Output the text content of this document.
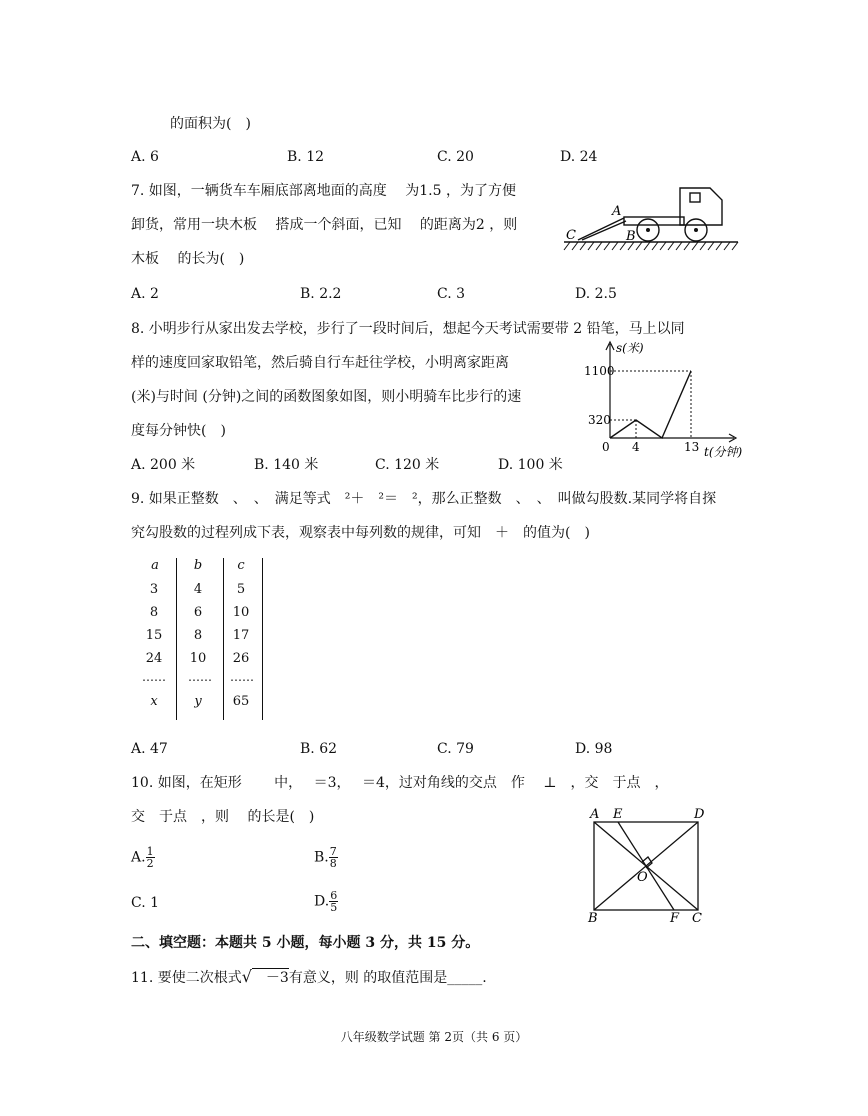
的面积为(　)
A. 6	B. 12	C. 20	D. 24
7. 如图，一辆货车车厢底部离地面的高度　 为1.5 ，为了方便
卸货，常用一块木板　 搭成一个斜面，已知　 的距离为2 ，则
木板　 的长为(　)
A. 2	B. 2.2	C. 3	D. 2.5
A
B
C
8. 小明步行从家出发去学校，步行了一段时间后，想起今天考试需要带 2 铅笔，马上以同
样的速度回家取铅笔，然后骑自行车赶往学校，小明离家距离
(米)与时间 (分钟)之间的函数图象如图，则小明骑车比步行的速
度每分钟快(　)
A. 200 米	B. 140 米	C. 120 米	D. 100 米
s(米)
t(分钟)
1100
320
0 4	13
9. 如果正整数　、　、　满足等式　²＋　²＝　²，那么正整数　、　、　叫做勾股数.某同学将自探
究勾股数的过程列成下表，观察表中每列数的规律，可知　＋　的值为(　)
a	b	c
3	4	5
8	6	10
15	8	17
24	10	26
……	……	……
x	y	65
A. 47	B. 62	C. 79	D. 98
10. 如图，在矩形　　 中，　 ＝3，　 ＝4，过对角线的交点　作　 ⊥　，交　于点　，
交　于点　，则　 的长是(　)
A. $\frac{1}{2}$	B. $\frac{7}{8}$
C. 1	D. $\frac{6}{5}$
A E	D
O
B	F C
二、填空题：本题共 5 小题，每小题 3 分，共 15 分。
11. 要使二次根式√　－3有意义，则 的取值范围是_____.
八年级数学试题 第 2页（共 6 页）
